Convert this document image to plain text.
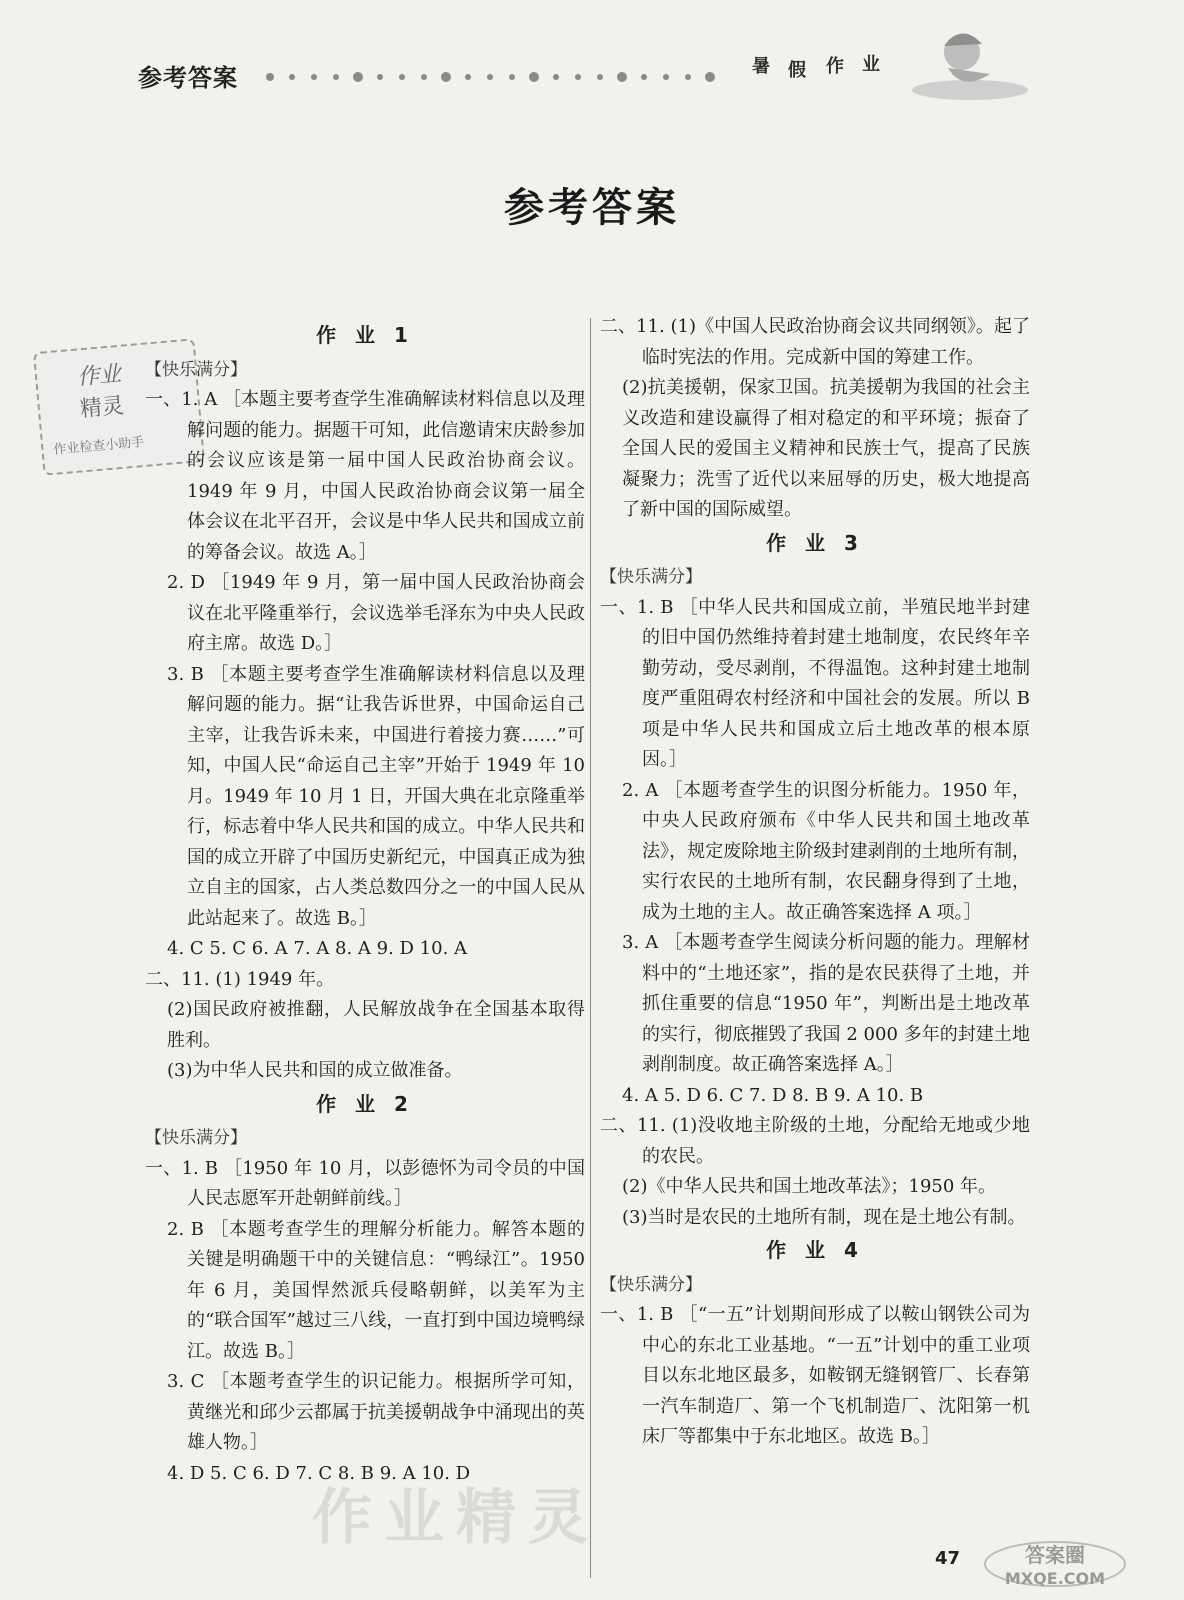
参考答案	暑 假 作 业
参考答案
作业
精灵
作业检查小助手
作 业 1
【快乐满分】

一、1. A ［本题主要考查学生准确解读材料信息以及理解问题的能力。据题干可知，此信邀请宋庆龄参加的会议应该是第一届中国人民政治协商会议。1949 年 9 月，中国人民政治协商会议第一届全体会议在北平召开，会议是中华人民共和国成立前的筹备会议。故选 A。］

2. D ［1949 年 9 月，第一届中国人民政治协商会议在北平隆重举行，会议选举毛泽东为中央人民政府主席。故选 D。］

3. B ［本题主要考查学生准确解读材料信息以及理解问题的能力。据“让我告诉世界，中国命运自己主宰，让我告诉未来，中国进行着接力赛……”可知，中国人民“命运自己主宰”开始于 1949 年 10 月。1949 年 10 月 1 日，开国大典在北京隆重举行，标志着中华人民共和国的成立。中华人民共和国的成立开辟了中国历史新纪元，中国真正成为独立自主的国家，占人类总数四分之一的中国人民从此站起来了。故选 B。］

4. C 5. C 6. A 7. A 8. A 9. D 10. A

二、11. (1) 1949 年。

(2)国民政府被推翻，人民解放战争在全国基本取得胜利。

(3)为中华人民共和国的成立做准备。

作 业 2
【快乐满分】

一、1. B ［1950 年 10 月，以彭德怀为司令员的中国人民志愿军开赴朝鲜前线。］

2. B ［本题考查学生的理解分析能力。解答本题的关键是明确题干中的关键信息：“鸭绿江”。1950 年 6 月，美国悍然派兵侵略朝鲜，以美军为主的“联合国军”越过三八线，一直打到中国边境鸭绿江。故选 B。］

3. C ［本题考查学生的识记能力。根据所学可知，黄继光和邱少云都属于抗美援朝战争中涌现出的英雄人物。］

4. D 5. C 6. D 7. C 8. B 9. A 10. D

二、11. (1)《中国人民政治协商会议共同纲领》。起了临时宪法的作用。完成新中国的筹建工作。

(2)抗美援朝，保家卫国。抗美援朝为我国的社会主义改造和建设赢得了相对稳定的和平环境；振奋了全国人民的爱国主义精神和民族士气，提高了民族凝聚力；洗雪了近代以来屈辱的历史，极大地提高了新中国的国际威望。

作 业 3
【快乐满分】

一、1. B ［中华人民共和国成立前，半殖民地半封建的旧中国仍然维持着封建土地制度，农民终年辛勤劳动，受尽剥削，不得温饱。这种封建土地制度严重阻碍农村经济和中国社会的发展。所以 B 项是中华人民共和国成立后土地改革的根本原因。］

2. A ［本题考查学生的识图分析能力。1950 年，中央人民政府颁布《中华人民共和国土地改革法》，规定废除地主阶级封建剥削的土地所有制，实行农民的土地所有制，农民翻身得到了土地，成为土地的主人。故正确答案选择 A 项。］

3. A ［本题考查学生阅读分析问题的能力。理解材料中的“土地还家”，指的是农民获得了土地，并抓住重要的信息“1950 年”，判断出是土地改革的实行，彻底摧毁了我国 2 000 多年的封建土地剥削制度。故正确答案选择 A。］

4. A 5. D 6. C 7. D 8. B 9. A 10. B

二、11. (1)没收地主阶级的土地，分配给无地或少地的农民。

(2)《中华人民共和国土地改革法》；1950 年。

(3)当时是农民的土地所有制，现在是土地公有制。

作 业 4
【快乐满分】

一、1. B ［“一五”计划期间形成了以鞍山钢铁公司为中心的东北工业基地。“一五”计划中的重工业项目以东北地区最多，如鞍钢无缝钢管厂、长春第一汽车制造厂、第一个飞机制造厂、沈阳第一机床厂等都集中于东北地区。故选 B。］

作业精灵
47	答案圈
MXQE.COM
